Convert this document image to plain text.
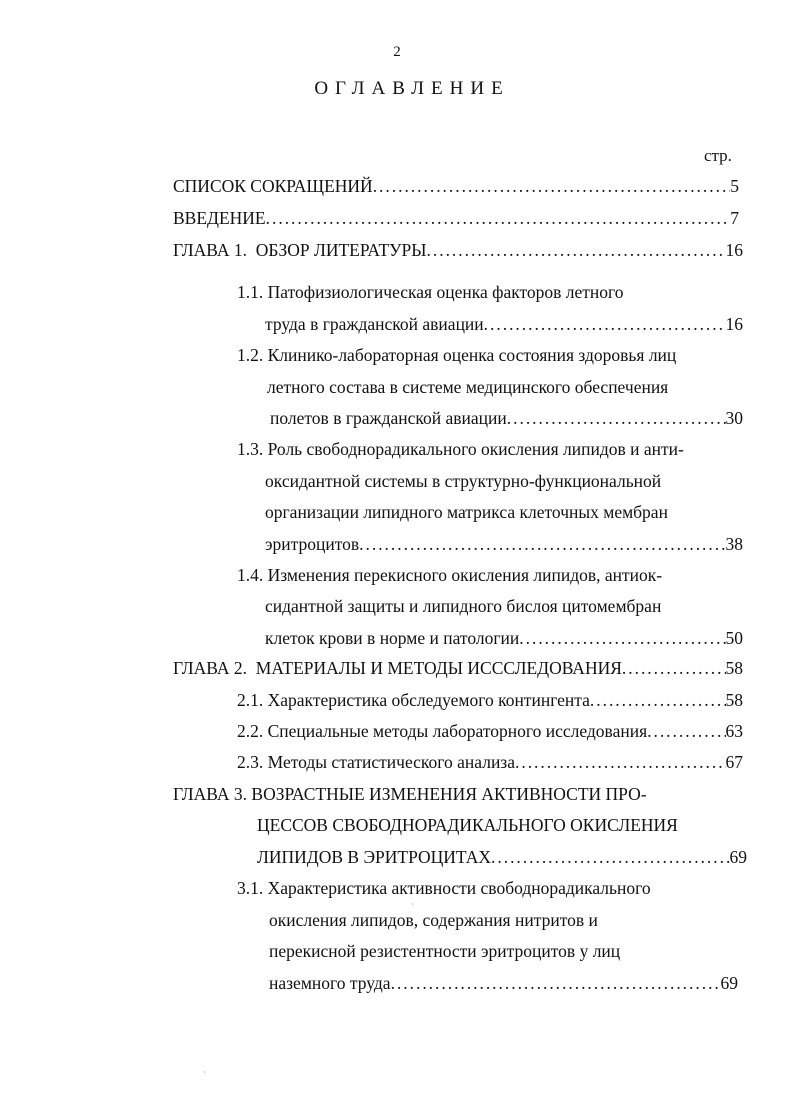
2
ОГЛАВЛЕНИЕ
стр.
СПИСОК СОКРАЩЕНИЙ . . .	5
ВВЕДЕНИЕ . . .	7
ГЛАВА 1.  ОБЗОР ЛИТЕРАТУРЫ . . .	16
1.1. Патофизиологическая оценка факторов летного
труда в гражданской авиации . . .	16
1.2. Клинико-лабораторная оценка состояния здоровья лиц
летного состава в системе медицинского обеспечения
полетов в гражданской авиации . . .	30
1.3. Роль свободнорадикального окисления липидов и анти-
оксидантной системы в структурно-функциональной
организации липидного матрикса клеточных мембран
эритроцитов . . .	38
1.4. Изменения перекисного окисления липидов, антиок-
сидантной защиты и липидного бислоя цитомембран
клеток крови в норме и патологии . . .	50
ГЛАВА 2.  МАТЕРИАЛЫ И МЕТОДЫ ИСССЛЕДОВАНИЯ . . .	58
2.1. Характеристика обследуемого контингента . . .	58
2.2. Специальные методы лабораторного исследования . . .	63
2.3. Методы статистического анализа . . .	67
ГЛАВА 3. ВОЗРАСТНЫЕ ИЗМЕНЕНИЯ АКТИВНОСТИ ПРО-
ЦЕССОВ СВОБОДНОРАДИКАЛЬНОГО ОКИСЛЕНИЯ
ЛИПИДОВ В ЭРИТРОЦИТАХ . . .	69
3.1. Характеристика активности свободнорадикального
окисления липидов, содержания нитритов и
перекисной резистентности эритроцитов у лиц
наземного труда . . .	69
·
·
